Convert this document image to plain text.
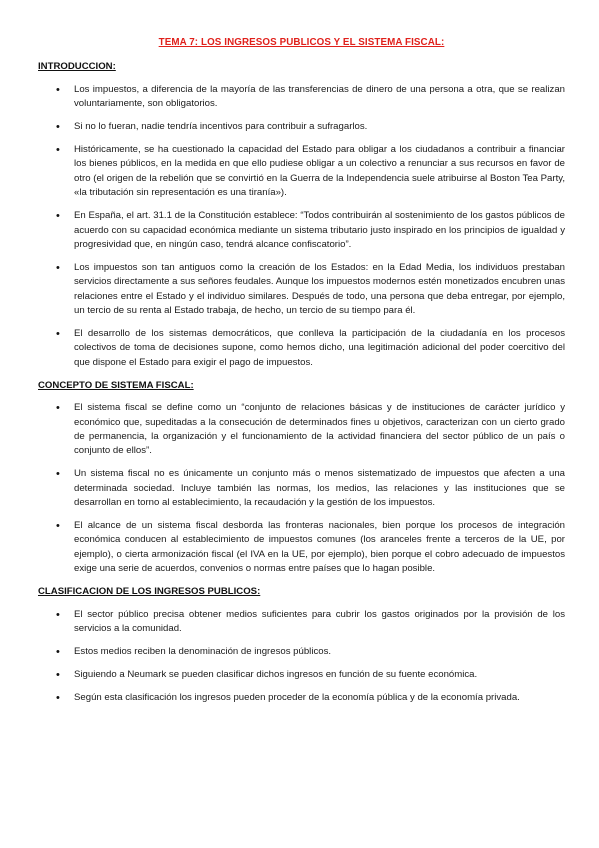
TEMA 7: LOS INGRESOS PUBLICOS Y EL SISTEMA FISCAL:
INTRODUCCION:
• Los impuestos, a diferencia de la mayoría de las transferencias de dinero de una persona a otra, que se realizan voluntariamente, son obligatorios.
• Si no lo fueran, nadie tendría incentivos para contribuir a sufragarlos.
• Históricamente, se ha cuestionado la capacidad del Estado para obligar a los ciudadanos a contribuir a financiar los bienes públicos, en la medida en que ello pudiese obligar a un colectivo a renunciar a sus recursos en favor de otro (el origen de la rebelión que se convirtió en la Guerra de la Independencia suele atribuirse al Boston Tea Party, «la tributación sin representación es una tiranía»).
• En España, el art. 31.1 de la Constitución establece: “Todos contribuirán al sostenimiento de los gastos públicos de acuerdo con su capacidad económica mediante un sistema tributario justo inspirado en los principios de igualdad y progresividad que, en ningún caso, tendrá alcance confiscatorio”.
• Los impuestos son tan antiguos como la creación de los Estados: en la Edad Media, los individuos prestaban servicios directamente a sus señores feudales. Aunque los impuestos modernos estén monetizados encubren unas relaciones entre el Estado y el individuo similares. Después de todo, una persona que deba entregar, por ejemplo, un tercio de su renta al Estado trabaja, de hecho, un tercio de su tiempo para él.
• El desarrollo de los sistemas democráticos, que conlleva la participación de la ciudadanía en los procesos colectivos de toma de decisiones supone, como hemos dicho, una legitimación adicional del poder coercitivo del que dispone el Estado para exigir el pago de impuestos.
CONCEPTO DE SISTEMA FISCAL:
• El sistema fiscal se define como un “conjunto de relaciones básicas y de instituciones de carácter jurídico y económico que, supeditadas a la consecución de determinados fines u objetivos, caracterizan con un cierto grado de permanencia, la organización y el funcionamiento de la actividad financiera del sector público de un país o conjunto de ellos”.
• Un sistema fiscal no es únicamente un conjunto más o menos sistematizado de impuestos que afecten a una determinada sociedad. Incluye también las normas, los medios, las relaciones y las instituciones que se desarrollan en torno al establecimiento, la recaudación y la gestión de los impuestos.
• El alcance de un sistema fiscal desborda las fronteras nacionales, bien porque los procesos de integración económica conducen al establecimiento de impuestos comunes (los aranceles frente a terceros de la UE, por ejemplo), o cierta armonización fiscal (el IVA en la UE, por ejemplo), bien porque el cobro adecuado de impuestos exige una serie de acuerdos, convenios o normas entre países que lo hagan posible.
CLASIFICACION DE LOS INGRESOS PUBLICOS:
• El sector público precisa obtener medios suficientes para cubrir los gastos originados por la provisión de los servicios a la comunidad.
• Estos medios reciben la denominación de ingresos públicos.
• Siguiendo a Neumark se pueden clasificar dichos ingresos en función de su fuente económica.
• Según esta clasificación los ingresos pueden proceder de la economía pública y de la economía privada.
